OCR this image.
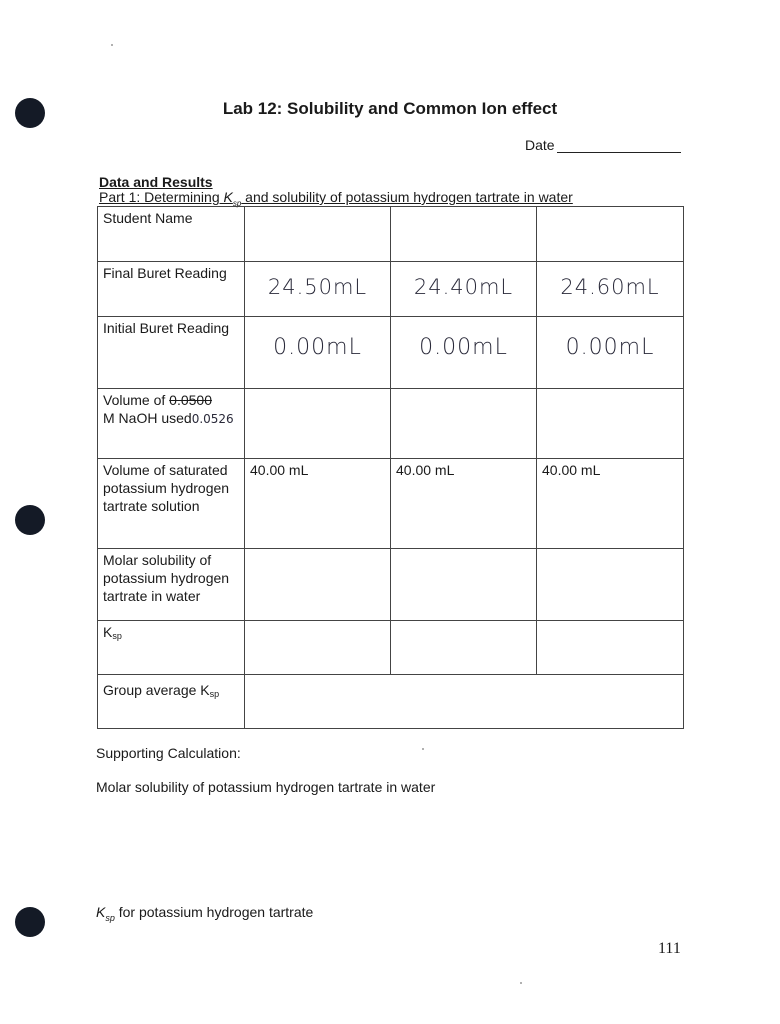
Lab 12: Solubility and Common Ion effect
Date
Data and Results
Part 1: Determining $K_{sp}$ and solubility of potassium hydrogen tartrate in water
Student Name			
Final Buret Reading	24.50mL	24.40mL	24.60mL

Initial Buret Reading	0.00mL	0.00mL	0.00mL

Volume of 0.0500
M NaOH used0.0526			
Volume of saturated potassium hydrogen tartrate solution	40.00 mL	40.00 mL	40.00 mL
Molar solubility of potassium hydrogen tartrate in water			
Ksp			
Group average Ksp			
Supporting Calculation:
Molar solubility of potassium hydrogen tartrate in water
$K_{sp}$ for potassium hydrogen tartrate
111
